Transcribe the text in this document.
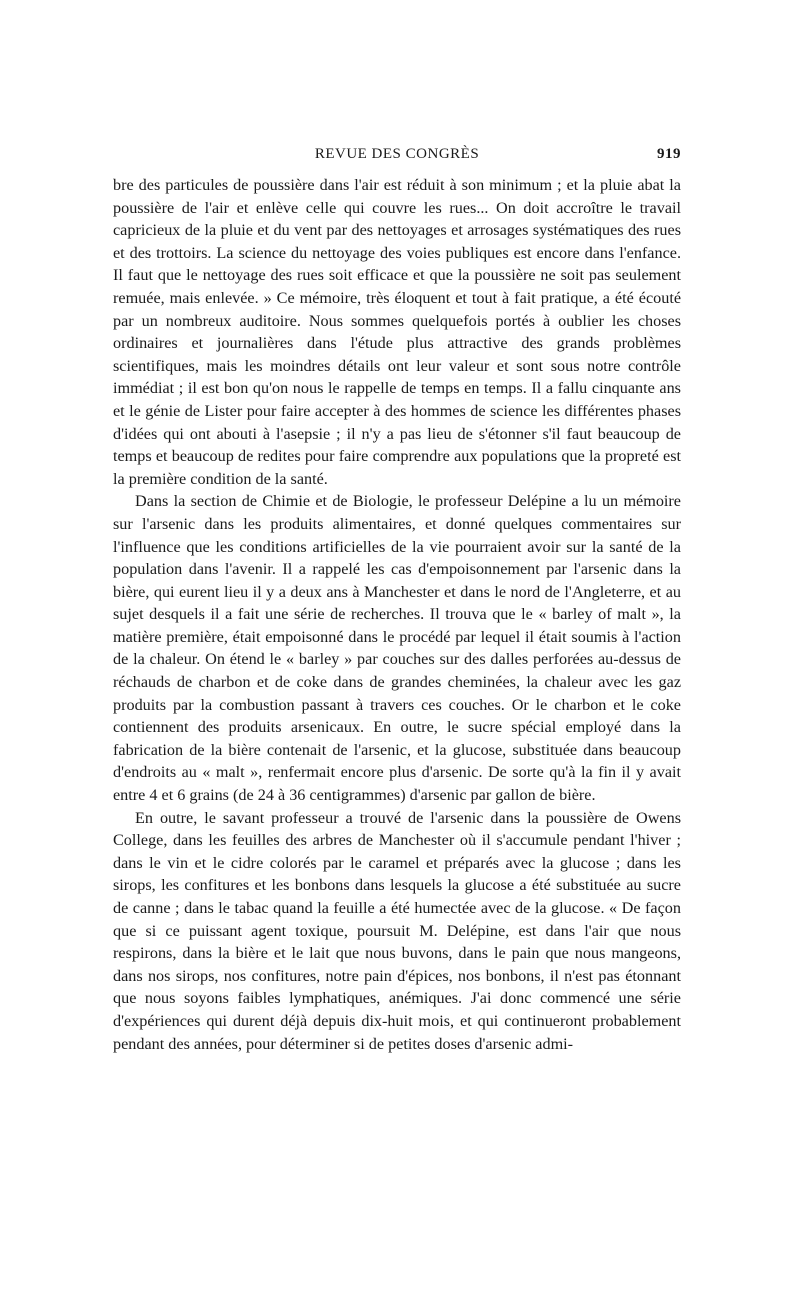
REVUE DES CONGRÈS	919

bre des particules de poussière dans l'air est réduit à son minimum ; et la pluie abat la poussière de l'air et enlève celle qui couvre les rues... On doit accroître le travail capricieux de la pluie et du vent par des nettoyages et arrosages systématiques des rues et des trottoirs. La science du nettoyage des voies publiques est encore dans l'enfance. Il faut que le nettoyage des rues soit efficace et que la poussière ne soit pas seulement remuée, mais enlevée. » Ce mémoire, très éloquent et tout à fait pratique, a été écouté par un nombreux auditoire. Nous sommes quelquefois portés à oublier les choses ordinaires et journalières dans l'étude plus attractive des grands problèmes scientifiques, mais les moindres détails ont leur valeur et sont sous notre contrôle immédiat ; il est bon qu'on nous le rappelle de temps en temps. Il a fallu cinquante ans et le génie de Lister pour faire accepter à des hommes de science les différentes phases d'idées qui ont abouti à l'asepsie ; il n'y a pas lieu de s'étonner s'il faut beaucoup de temps et beaucoup de redites pour faire comprendre aux populations que la propreté est la première condition de la santé.

Dans la section de Chimie et de Biologie, le professeur Delépine a lu un mémoire sur l'arsenic dans les produits alimentaires, et donné quelques commentaires sur l'influence que les conditions artificielles de la vie pourraient avoir sur la santé de la population dans l'avenir. Il a rappelé les cas d'empoisonnement par l'arsenic dans la bière, qui eurent lieu il y a deux ans à Manchester et dans le nord de l'Angleterre, et au sujet desquels il a fait une série de recherches. Il trouva que le « barley of malt », la matière première, était empoisonné dans le procédé par lequel il était soumis à l'action de la chaleur. On étend le « barley » par couches sur des dalles perforées au-dessus de réchauds de charbon et de coke dans de grandes cheminées, la chaleur avec les gaz produits par la combustion passant à travers ces couches. Or le charbon et le coke contiennent des produits arsenicaux. En outre, le sucre spécial employé dans la fabrication de la bière contenait de l'arsenic, et la glucose, substituée dans beaucoup d'endroits au « malt », renfermait encore plus d'arsenic. De sorte qu'à la fin il y avait entre 4 et 6 grains (de 24 à 36 centigrammes) d'arsenic par gallon de bière.

En outre, le savant professeur a trouvé de l'arsenic dans la poussière de Owens College, dans les feuilles des arbres de Manchester où il s'accumule pendant l'hiver ; dans le vin et le cidre colorés par le caramel et préparés avec la glucose ; dans les sirops, les confitures et les bonbons dans lesquels la glucose a été substituée au sucre de canne ; dans le tabac quand la feuille a été humectée avec de la glucose. « De façon que si ce puissant agent toxique, poursuit M. Delépine, est dans l'air que nous respirons, dans la bière et le lait que nous buvons, dans le pain que nous mangeons, dans nos sirops, nos confitures, notre pain d'épices, nos bonbons, il n'est pas étonnant que nous soyons faibles lymphatiques, anémiques. J'ai donc commencé une série d'expériences qui durent déjà depuis dix-huit mois, et qui continueront probablement pendant des années, pour déterminer si de petites doses d'arsenic admi-
